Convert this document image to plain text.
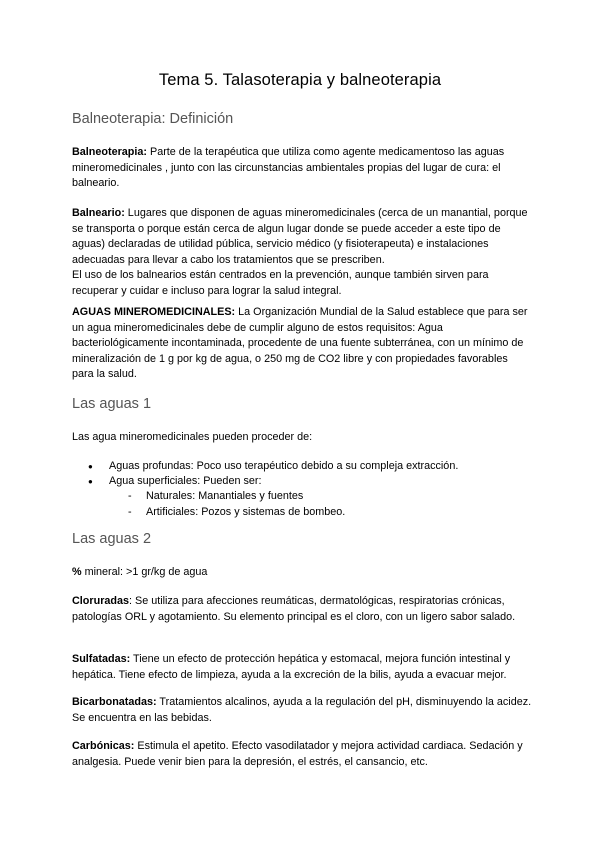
Tema 5. Talasoterapia y balneoterapia
Balneoterapia: Definición

Balneoterapia: Parte de la terapéutica que utiliza como agente medicamentoso las aguas mineromedicinales , junto con las circunstancias ambientales propias del lugar de cura: el balneario.

Balneario: Lugares que disponen de aguas mineromedicinales (cerca de un manantial, porque se transporta o porque están cerca de algun lugar donde se puede acceder a este tipo de aguas) declaradas de utilidad pública, servicio médico (y fisioterapeuta) e instalaciones adecuadas para llevar a cabo los tratamientos que se prescriben.
El uso de los balnearios están centrados en la prevención, aunque también sirven para recuperar y cuidar e incluso para lograr la salud integral.

AGUAS MINEROMEDICINALES: La Organización Mundial de la Salud establece que para ser un agua mineromedicinales debe de cumplir alguno de estos requisitos: Agua bacteriológicamente incontaminada, procedente de una fuente subterránea, con un mínimo de mineralización de 1 g por kg de agua, o 250 mg de CO2 libre y con propiedades favorables para la salud.

Las aguas 1

Las agua mineromedicinales pueden proceder de:

● Aguas profundas: Poco uso terapéutico debido a su compleja extracción.
● Agua superficiales: Pueden ser:
- Naturales: Manantiales y fuentes
- Artificiales: Pozos y sistemas de bombeo.
Las aguas 2

% mineral: >1 gr/kg de agua

Cloruradas: Se utiliza para afecciones reumáticas, dermatológicas, respiratorias crónicas, patologías ORL y agotamiento. Su elemento principal es el cloro, con un ligero sabor salado.

Sulfatadas: Tiene un efecto de protección hepática y estomacal, mejora función intestinal y hepática. Tiene efecto de limpieza, ayuda a la excreción de la bilis, ayuda a evacuar mejor.

Bicarbonatadas: Tratamientos alcalinos, ayuda a la regulación del pH, disminuyendo la acidez. Se encuentra en las bebidas.

Carbónicas: Estimula el apetito. Efecto vasodilatador y mejora actividad cardiaca. Sedación y analgesia. Puede venir bien para la depresión, el estrés, el cansancio, etc.
